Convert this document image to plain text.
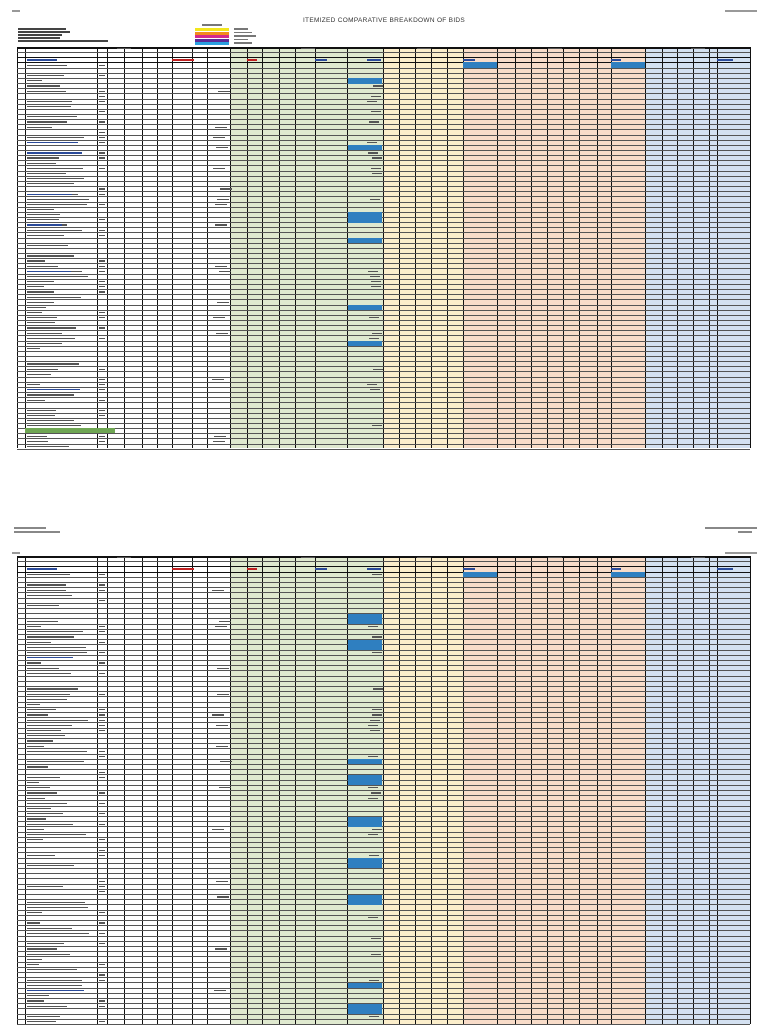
ITEMIZED COMPARATIVE BREAKDOWN OF BIDS
